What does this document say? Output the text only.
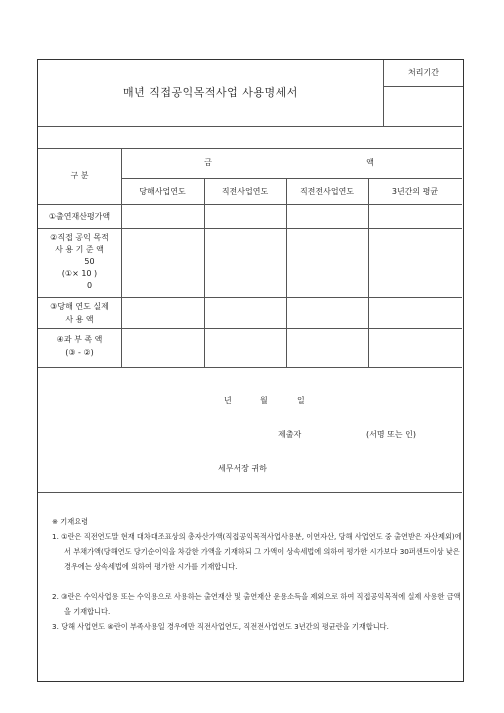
매년 직접공익목적사업 사용명세서
처리기간
구 분
금	액
당해사업연도	직전사업연도	직전전사업연도	3년간의 평균
①출연재산평가액
②직접 공익 목적
사 용 기 준 액
50
(①× 10 )
0
③당해 연도 실제
사 용 액
④과 부 족 액
(③ - ②)
년	월	일
제출자	(서명 또는 인)
세무서장 귀하
※ 기재요령
1. ①란은 직전연도말 현재 대차대조표상의 총자산가액(직접공익목적사업사용분, 이연자산, 당해 사업연도 중 출연받은 자산제외)에서 부채가액(당해연도 당기순이익을 차감한 가액을 기재하되 그 가액이 상속세법에 의하여 평가한 시가보다 30퍼센트이상 낮은 경우에는 상속세법에 의하여 평가한 시가를 기재합니다.
2. ③란은 수익사업용 또는 수익용으로 사용하는 출연재산 및 출연재산 운용소득을 제외으로 하여 직접공익목적에 실제 사용한 금액을 기재합니다.
3. 당해 사업연도 ④란이 부족사용일 경우에만 직전사업연도, 직전전사업연도 3년간의 평균란을 기재합니다.
